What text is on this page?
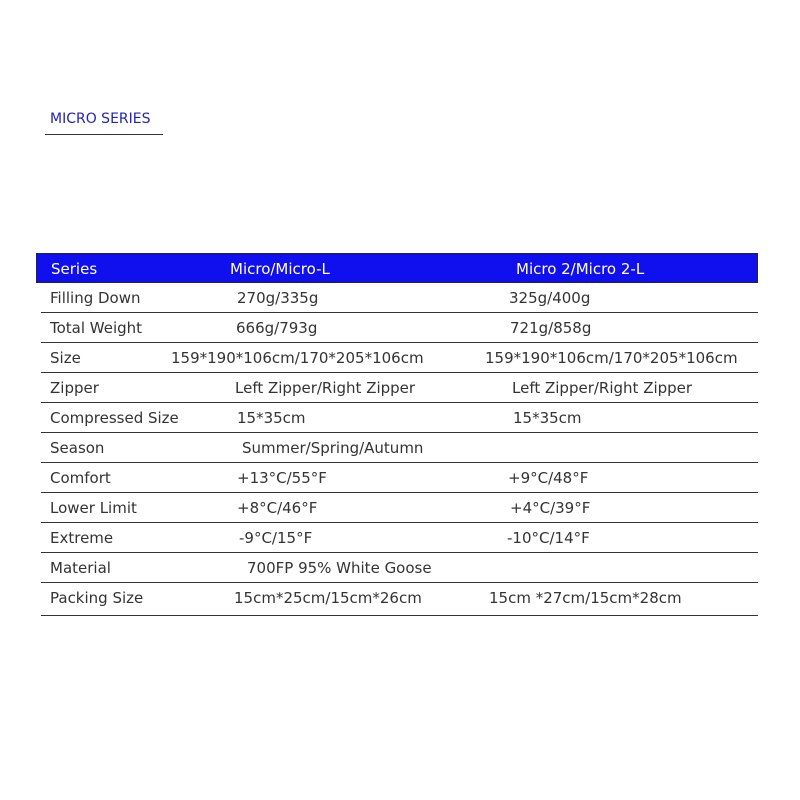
MICRO SERIES
Series	Micro/Micro-L	Micro 2/Micro 2-L
Filling Down	270g/335g	325g/400g
Total Weight	666g/793g	721g/858g
Size	159*190*106cm/170*205*106cm	159*190*106cm/170*205*106cm
Zipper	Left Zipper/Right Zipper	Left Zipper/Right Zipper
Compressed Size	15*35cm	15*35cm
Season	Summer/Spring/Autumn
Comfort	+13°C/55°F	+9°C/48°F
Lower Limit	+8°C/46°F	+4°C/39°F
Extreme	-9°C/15°F	-10°C/14°F
Material	700FP 95% White Goose
Packing Size	15cm*25cm/15cm*26cm	15cm *27cm/15cm*28cm
